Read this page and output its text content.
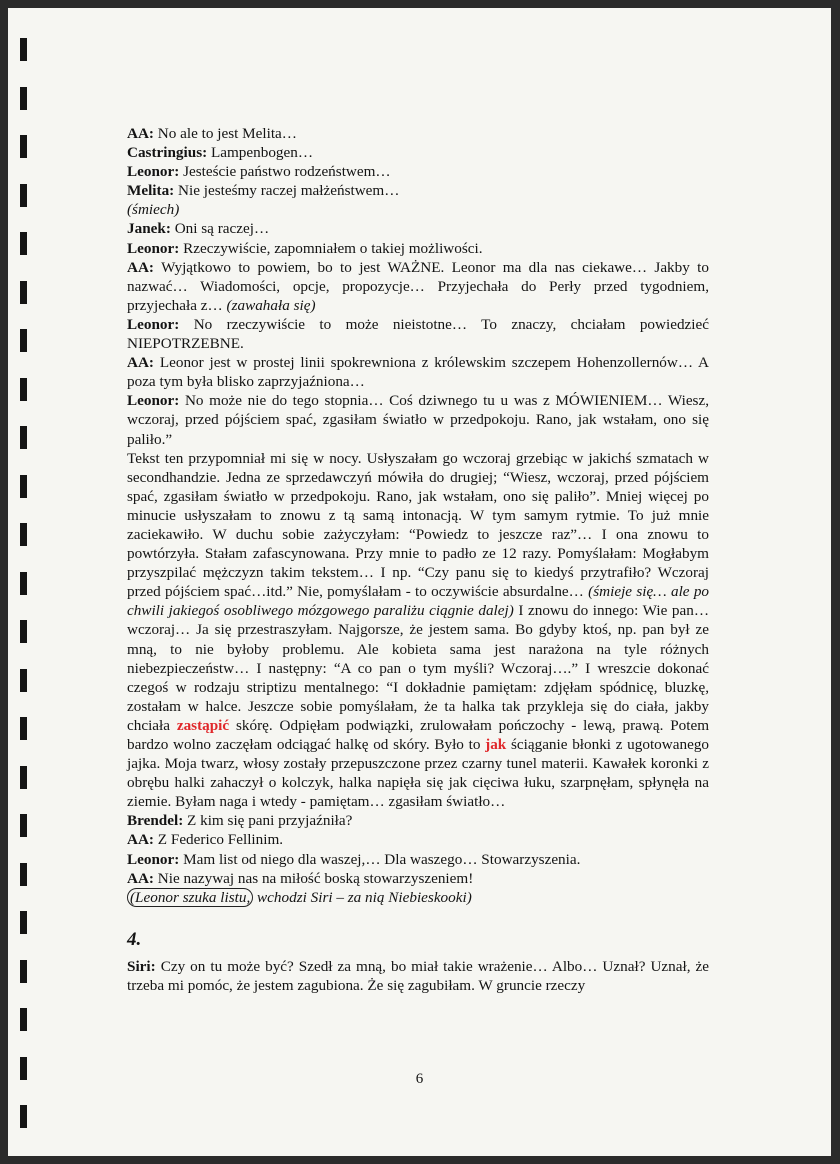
AA: No ale to jest Melita…

Castringius: Lampenbogen…

Leonor: Jesteście państwo rodzeństwem…

Melita: Nie jesteśmy raczej małżeństwem…

(śmiech)

Janek: Oni są raczej…

Leonor: Rzeczywiście, zapomniałem o takiej możliwości.

AA: Wyjątkowo to powiem, bo to jest WAŻNE. Leonor ma dla nas ciekawe… Jakby to nazwać… Wiadomości, opcje, propozycje… Przyjechała do Perły przed tygodniem, przyjechała z… (zawahała się)

Leonor: No rzeczywiście to może nieistotne… To znaczy, chciałam powiedzieć NIEPOTRZEBNE.

AA: Leonor jest w prostej linii spokrewniona z królewskim szczepem Hohenzollernów… A poza tym była blisko zaprzyjaźniona…

Leonor: No może nie do tego stopnia… Coś dziwnego tu u was z MÓWIENIEM… Wiesz, wczoraj, przed pójściem spać, zgasiłam światło w przedpokoju. Rano, jak wstałam, ono się paliło.”

Tekst ten przypomniał mi się w nocy. Usłyszałam go wczoraj grzebiąc w jakichś szmatach w secondhandzie. Jedna ze sprzedawczyń mówiła do drugiej; “Wiesz, wczoraj, przed pójściem spać, zgasiłam światło w przedpokoju. Rano, jak wstałam, ono się paliło”. Mniej więcej po minucie usłyszałam to znowu z tą samą intonacją. W tym samym rytmie. To już mnie zaciekawiło. W duchu sobie zażyczyłam: “Powiedz to jeszcze raz”… I ona znowu to powtórzyła. Stałam zafascynowana. Przy mnie to padło ze 12 razy. Pomyślałam: Mogłabym przyszpilać mężczyzn takim tekstem… I np. “Czy panu się to kiedyś przytrafiło? Wczoraj przed pójściem spać…itd.” Nie, pomyślałam - to oczywiście absurdalne… (śmieje się… ale po chwili jakiegoś osobliwego mózgowego paraliżu ciągnie dalej) I znowu do innego: Wie pan… wczoraj… Ja się przestraszyłam. Najgorsze, że jestem sama. Bo gdyby ktoś, np. pan był ze mną, to nie byłoby problemu. Ale kobieta sama jest narażona na tyle różnych niebezpieczeństw… I następny: “A co pan o tym myśli? Wczoraj….” I wreszcie dokonać czegoś w rodzaju striptizu mentalnego: “I dokładnie pamiętam: zdjęłam spódnicę, bluzkę, zostałam w halce. Jeszcze sobie pomyślałam, że ta halka tak przykleja się do ciała, jakby chciała zastąpić skórę. Odpięłam podwiązki, zrulowałam pończochy - lewą, prawą. Potem bardzo wolno zaczęłam odciągać halkę od skóry. Było to jak ściąganie błonki z ugotowanego jajka. Moja twarz, włosy zostały przepuszczone przez czarny tunel materii. Kawałek koronki z obrębu halki zahaczył o kolczyk, halka napięła się jak cięciwa łuku, szarpnęłam, spłynęła na ziemie. Byłam naga i wtedy - pamiętam… zgasiłam światło…

Brendel: Z kim się pani przyjaźniła?

AA: Z Federico Fellinim.

Leonor: Mam list od niego dla waszej,… Dla waszego… Stowarzyszenia.

AA: Nie nazywaj nas na miłość boską stowarzyszeniem!

(Leonor szuka listu, wchodzi Siri – za nią Niebieskooki)

4.

Siri: Czy on tu może być? Szedł za mną, bo miał takie wrażenie… Albo… Uznał? Uznał, że trzeba mi pomóc, że jestem zagubiona. Że się zagubiłam. W gruncie rzeczy

6
